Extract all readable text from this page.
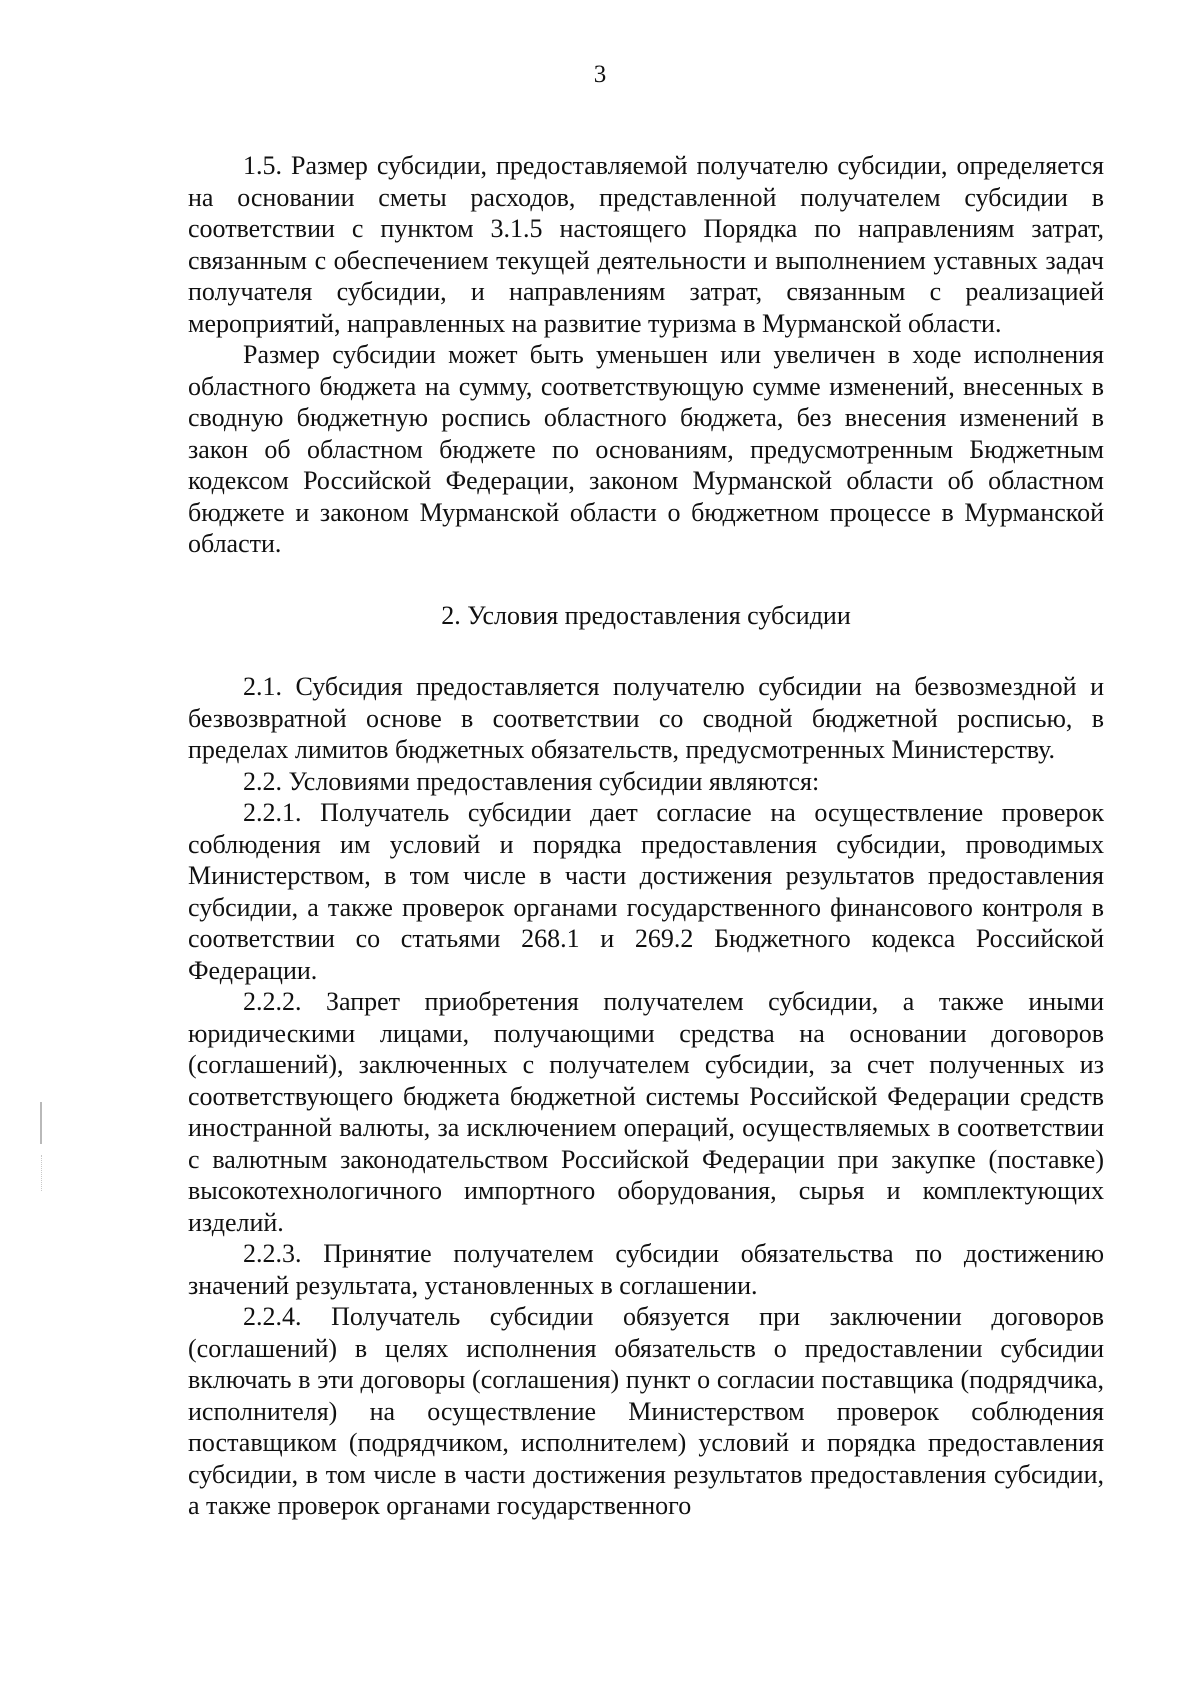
3

1.5. Размер субсидии, предоставляемой получателю субсидии, определяется на основании сметы расходов, представленной получателем субсидии в соответствии с пунктом 3.1.5 настоящего Порядка по направлениям затрат, связанным с обеспечением текущей деятельности и выполнением уставных задач получателя субсидии, и направлениям затрат, связанным с реализацией мероприятий, направленных на развитие туризма в Мурманской области.

Размер субсидии может быть уменьшен или увеличен в ходе исполнения областного бюджета на сумму, соответствующую сумме изменений, внесенных в сводную бюджетную роспись областного бюджета, без внесения изменений в закон об областном бюджете по основаниям, предусмотренным Бюджетным кодексом Российской Федерации, законом Мурманской области об областном бюджете и законом Мурманской области о бюджетном процессе в Мурманской области.

2. Условия предоставления субсидии

2.1. Субсидия предоставляется получателю субсидии на безвозмездной и безвозвратной основе в соответствии со сводной бюджетной росписью, в пределах лимитов бюджетных обязательств, предусмотренных Министерству.

2.2. Условиями предоставления субсидии являются:

2.2.1. Получатель субсидии дает согласие на осуществление проверок соблюдения им условий и порядка предоставления субсидии, проводимых Министерством, в том числе в части достижения результатов предоставления субсидии, а также проверок органами государственного финансового контроля в соответствии со статьями 268.1 и 269.2 Бюджетного кодекса Российской Федерации.

2.2.2. Запрет приобретения получателем субсидии, а также иными юридическими лицами, получающими средства на основании договоров (соглашений), заключенных с получателем субсидии, за счет полученных из соответствующего бюджета бюджетной системы Российской Федерации средств иностранной валюты, за исключением операций, осуществляемых в соответствии с валютным законодательством Российской Федерации при закупке (поставке) высокотехнологичного импортного оборудования, сырья и комплектующих изделий.

2.2.3. Принятие получателем субсидии обязательства по достижению значений результата, установленных в соглашении.

2.2.4. Получатель субсидии обязуется при заключении договоров (соглашений) в целях исполнения обязательств о предоставлении субсидии включать в эти договоры (соглашения) пункт о согласии поставщика (подрядчика, исполнителя) на осуществление Министерством проверок соблюдения поставщиком (подрядчиком, исполнителем) условий и порядка предоставления субсидии, в том числе в части достижения результатов предоставления субсидии, а также проверок органами государственного
